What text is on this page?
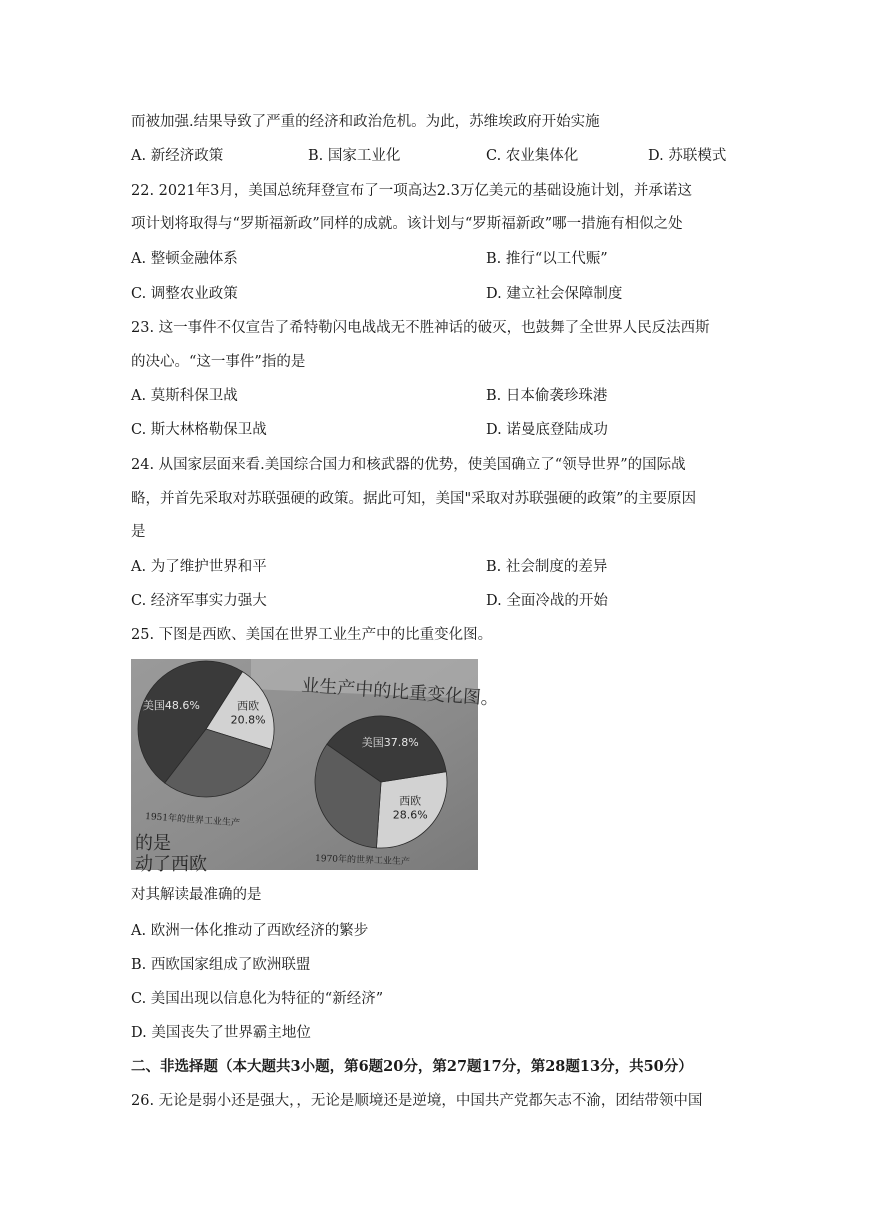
而被加强.结果导致了严重的经济和政治危机。为此，苏维埃政府开始实施
A. 新经济政策	B. 国家工业化	C. 农业集体化	D. 苏联模式
22. 2021年3月，美国总统拜登宣布了一项高达2.3万亿美元的基础设施计划，并承诺这
项计划将取得与“罗斯福新政”同样的成就。该计划与“罗斯福新政”哪一措施有相似之处
A. 整顿金融体系	B. 推行“以工代赈”
C. 调整农业政策	D. 建立社会保障制度
23. 这一事件不仅宣告了希特勒闪电战战无不胜神话的破灭，也鼓舞了全世界人民反法西斯
的决心。“这一事件”指的是
A. 莫斯科保卫战	B. 日本偷袭珍珠港
C. 斯大林格勒保卫战	D. 诺曼底登陆成功
24. 从国家层面来看.美国综合国力和核武器的优势，使美国确立了“领导世界”的国际战
略，并首先采取对苏联强硬的政策。据此可知，美国"采取对苏联强硬的政策”的主要原因
是
A. 为了维护世界和平	B. 社会制度的差异
C. 经济军事实力强大	D. 全面冷战的开始
25. 下图是西欧、美国在世界工业生产中的比重变化图。
业生产中的比重变化图。
西欧
20.8%
美国48.6%
西欧
28.6%
美国37.8%
1951年的世界工业生产
1970年的世界工业生产
的是
动了西欧
对其解读最准确的是
A. 欧洲一体化推动了西欧经济的繁步
B. 西欧国家组成了欧洲联盟
C. 美国出现以信息化为特征的“新经济”
D. 美国丧失了世界霸主地位
二、非选择题（本大题共3小题，第6题20分，第27题17分，第28题13分，共50分）
26. 无论是弱小还是强大，，无论是顺境还是逆境，中国共产党都矢志不渝，团结带领中国
